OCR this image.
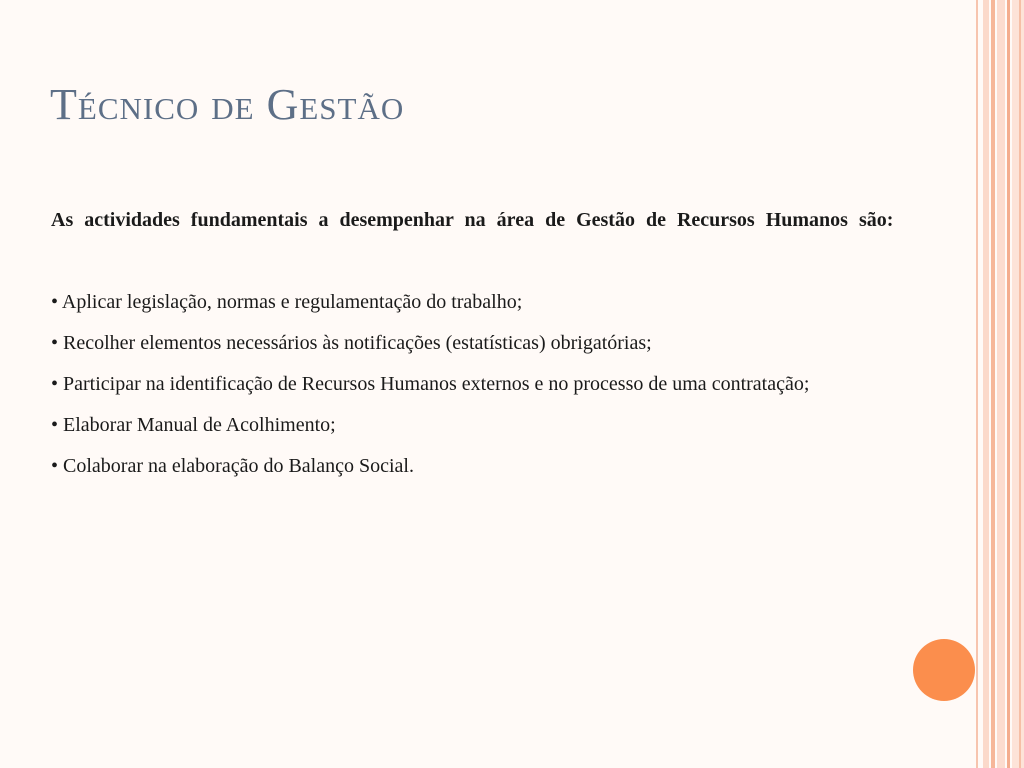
Técnico de Gestão

As actividades fundamentais a desempenhar na área de Gestão de Recursos Humanos são:

• Aplicar legislação, normas e regulamentação do trabalho;
• Recolher elementos necessários às notificações (estatísticas) obrigatórias;
• Participar na identificação de Recursos Humanos externos e no processo de uma contratação;
• Elaborar Manual de Acolhimento;
• Colaborar na elaboração do Balanço Social.
